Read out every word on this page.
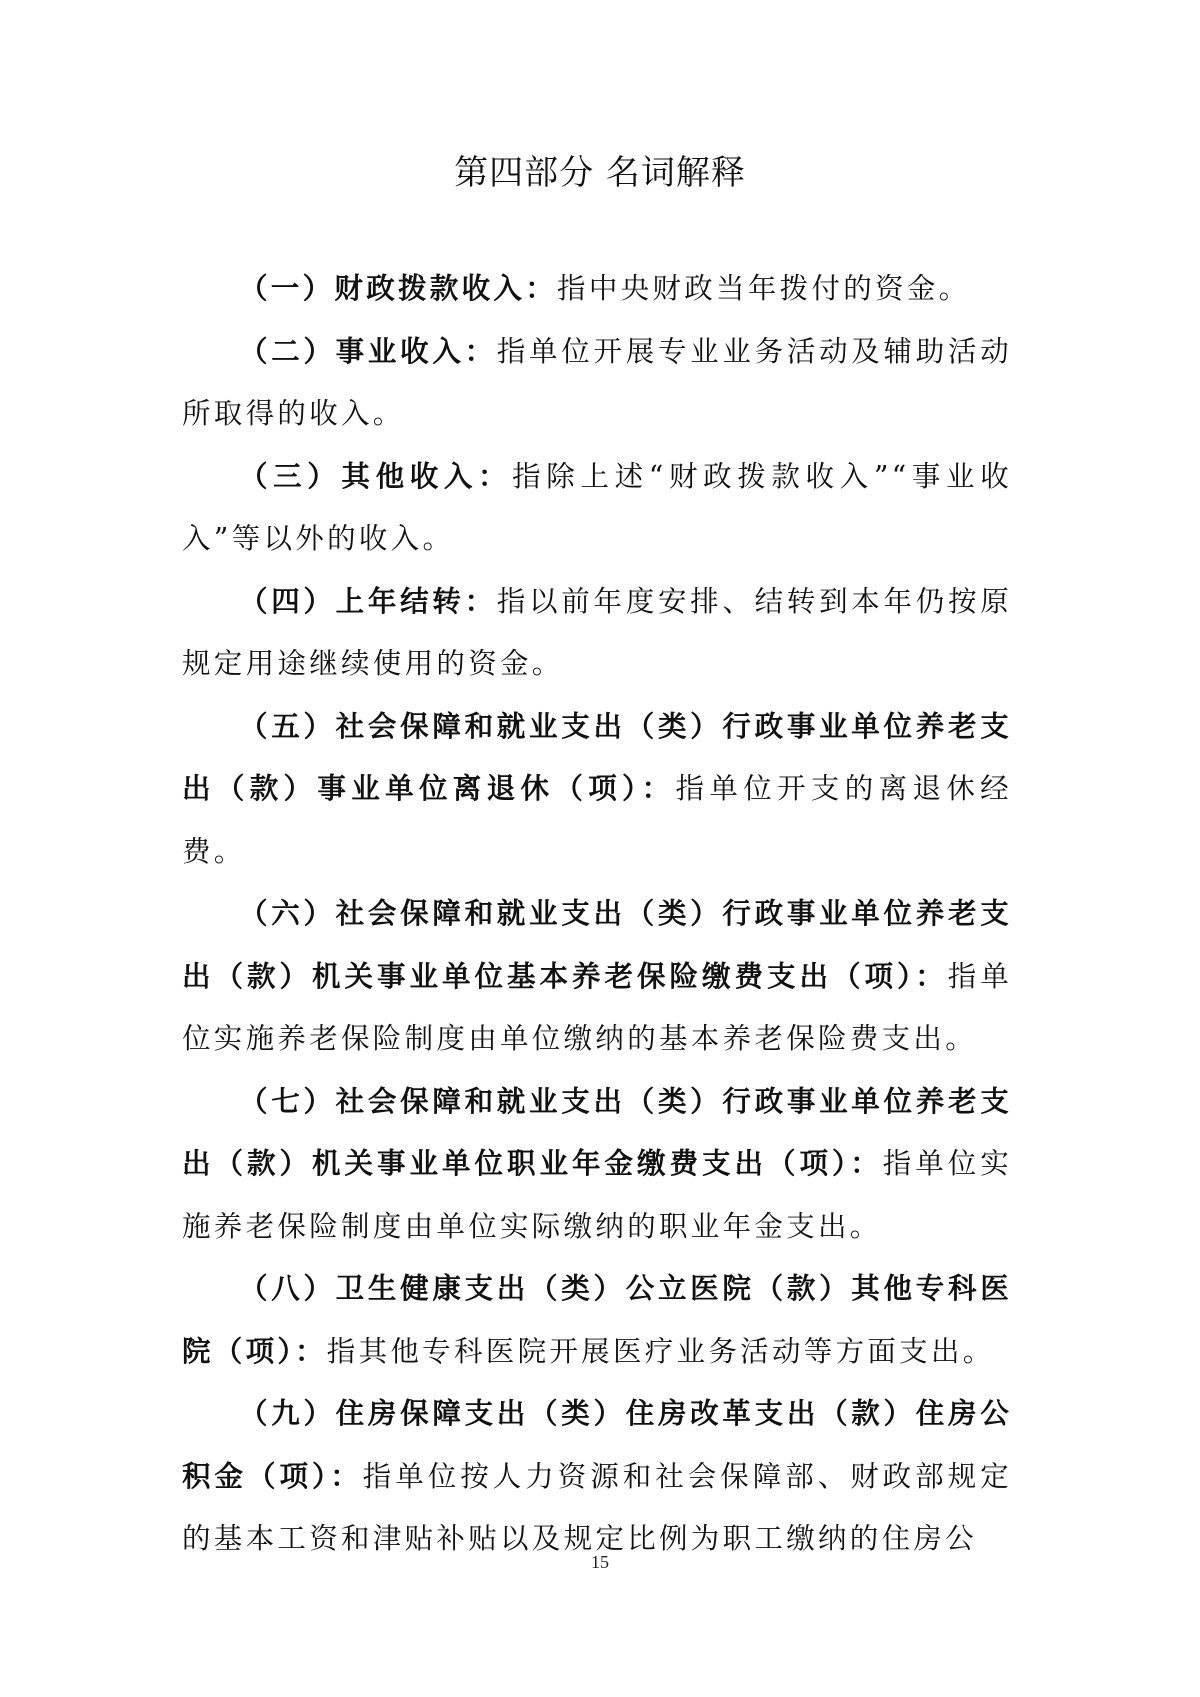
第四部分 名词解释

（一）财政拨款收入：指中央财政当年拨付的资金。

（二）事业收入：指单位开展专业业务活动及辅助活动所取得的收入。

（三）其他收入：指除上述“财政拨款收入”“事业收入”等以外的收入。

（四）上年结转：指以前年度安排、结转到本年仍按原规定用途继续使用的资金。

（五）社会保障和就业支出（类）行政事业单位养老支出（款）事业单位离退休（项）：指单位开支的离退休经费。

（六）社会保障和就业支出（类）行政事业单位养老支出（款）机关事业单位基本养老保险缴费支出（项）：指单位实施养老保险制度由单位缴纳的基本养老保险费支出。

（七）社会保障和就业支出（类）行政事业单位养老支出（款）机关事业单位职业年金缴费支出（项）：指单位实施养老保险制度由单位实际缴纳的职业年金支出。

（八）卫生健康支出（类）公立医院（款）其他专科医院（项）：指其他专科医院开展医疗业务活动等方面支出。

（九）住房保障支出（类）住房改革支出（款）住房公积金（项）：指单位按人力资源和社会保障部、财政部规定的基本工资和津贴补贴以及规定比例为职工缴纳的住房公

15
